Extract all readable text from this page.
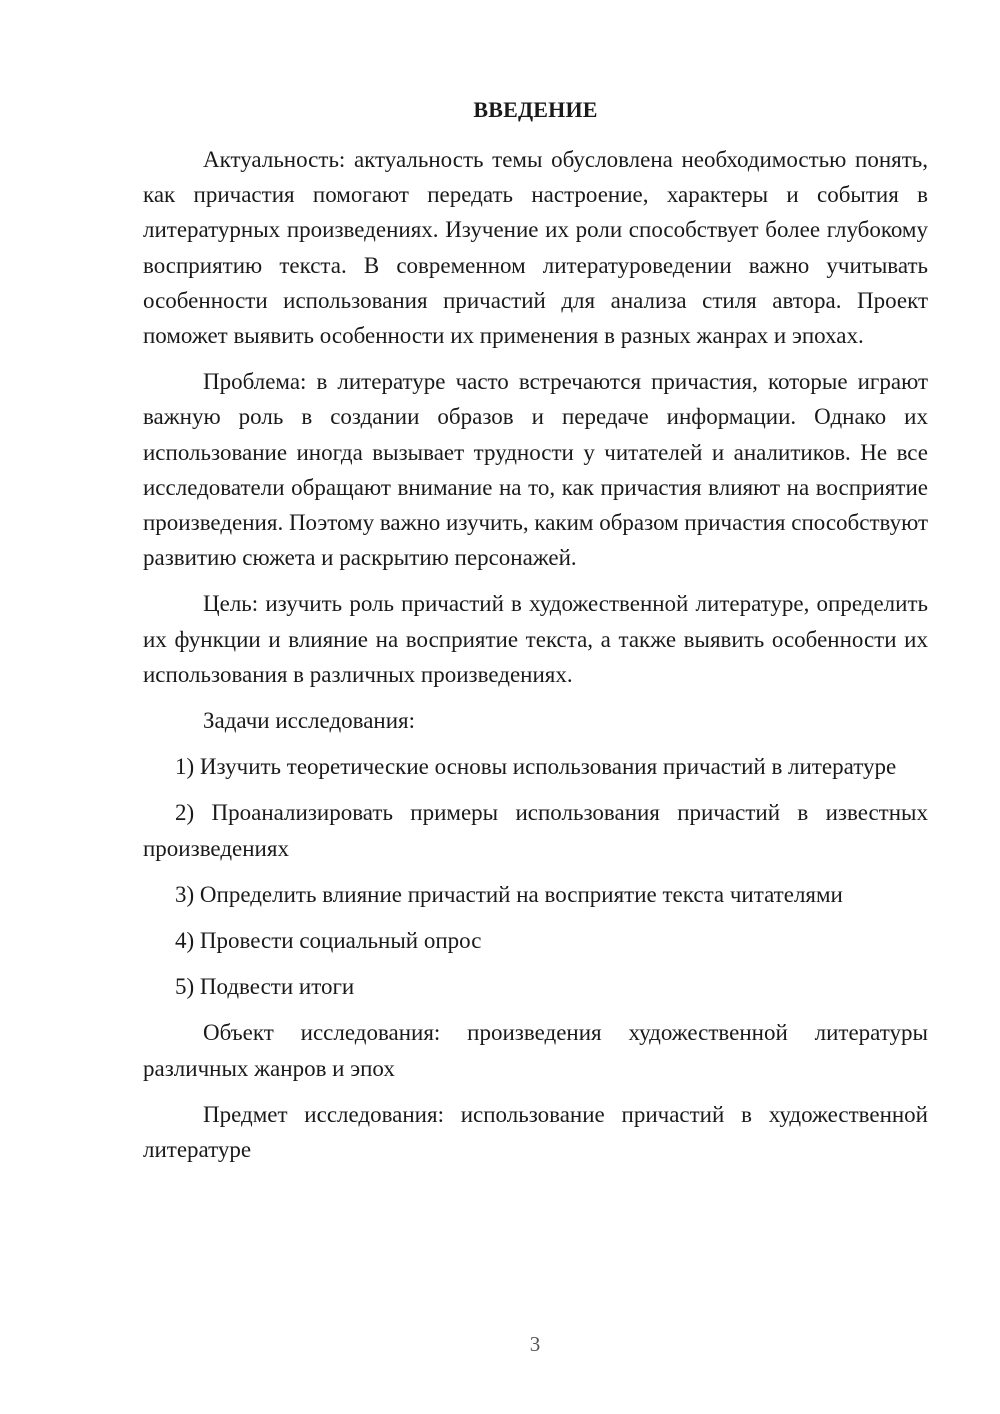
ВВЕДЕНИЕ

Актуальность: актуальность темы обусловлена необходимостью понять, как причастия помогают передать настроение, характеры и события в литературных произведениях. Изучение их роли способствует более глубокому восприятию текста. В современном литературоведении важно учитывать особенности использования причастий для анализа стиля автора. Проект поможет выявить особенности их применения в разных жанрах и эпохах.

Проблема: в литературе часто встречаются причастия, которые играют важную роль в создании образов и передаче информации. Однако их использование иногда вызывает трудности у читателей и аналитиков. Не все исследователи обращают внимание на то, как причастия влияют на восприятие произведения. Поэтому важно изучить, каким образом причастия способствуют развитию сюжета и раскрытию персонажей.

Цель: изучить роль причастий в художественной литературе, определить их функции и влияние на восприятие текста, а также выявить особенности их использования в различных произведениях.

Задачи исследования:

1) Изучить теоретические основы использования причастий в литературе

2) Проанализировать примеры использования причастий в известных произведениях

3) Определить влияние причастий на восприятие текста читателями

4) Провести социальный опрос

5) Подвести итоги

Объект исследования: произведения художественной литературы различных жанров и эпох

Предмет исследования: использование причастий в художественной литературе

3
